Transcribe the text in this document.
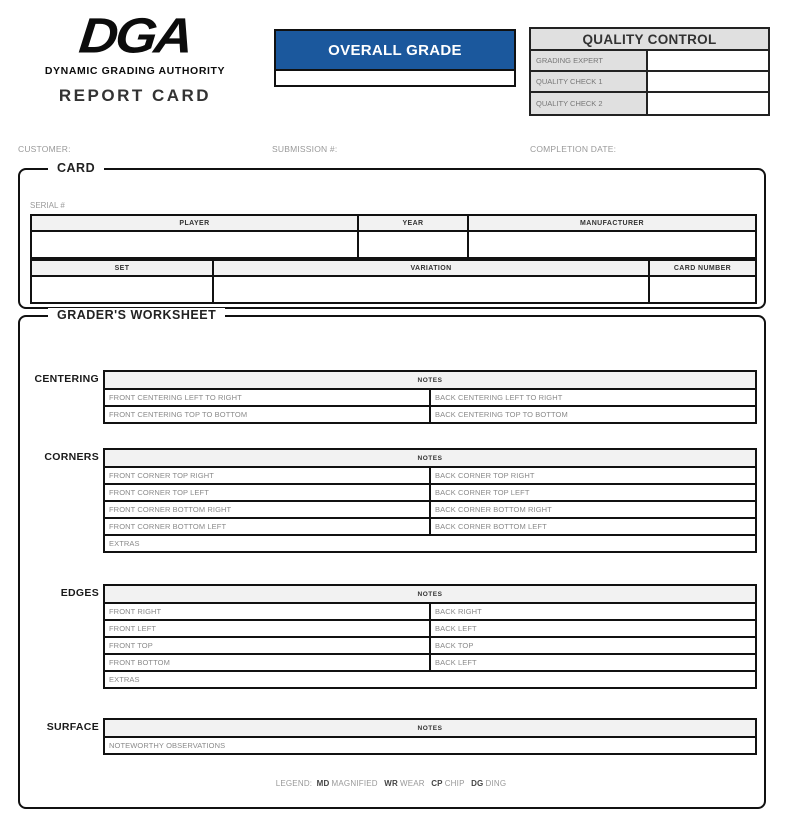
DGA
DYNAMIC GRADING AUTHORITY
REPORT CARD
OVERALL GRADE
QUALITY CONTROL
GRADING EXPERT
QUALITY CHECK 1
QUALITY CHECK 2
CUSTOMER:	SUBMISSION #:	COMPLETION DATE:
CARD
SERIAL #
PLAYER	YEAR	MANUFACTURER
SET	VARIATION	CARD NUMBER
GRADER'S WORKSHEET
CENTERING	NOTES
FRONT CENTERING LEFT TO RIGHT	BACK CENTERING LEFT TO RIGHT
FRONT CENTERING TOP TO BOTTOM	BACK CENTERING TOP TO BOTTOM
CORNERS	NOTES
FRONT CORNER TOP RIGHT	BACK CORNER TOP RIGHT
FRONT CORNER TOP LEFT	BACK CORNER TOP LEFT
FRONT CORNER BOTTOM RIGHT	BACK CORNER BOTTOM RIGHT
FRONT CORNER BOTTOM LEFT	BACK CORNER BOTTOM LEFT
EXTRAS
EDGES	NOTES
FRONT RIGHT	BACK RIGHT
FRONT LEFT	BACK LEFT
FRONT TOP	BACK TOP
FRONT BOTTOM	BACK LEFT
EXTRAS
SURFACE	NOTES
NOTEWORTHY OBSERVATIONS
LEGEND: MD MAGNIFIED WR WEAR CP CHIP DG DING
